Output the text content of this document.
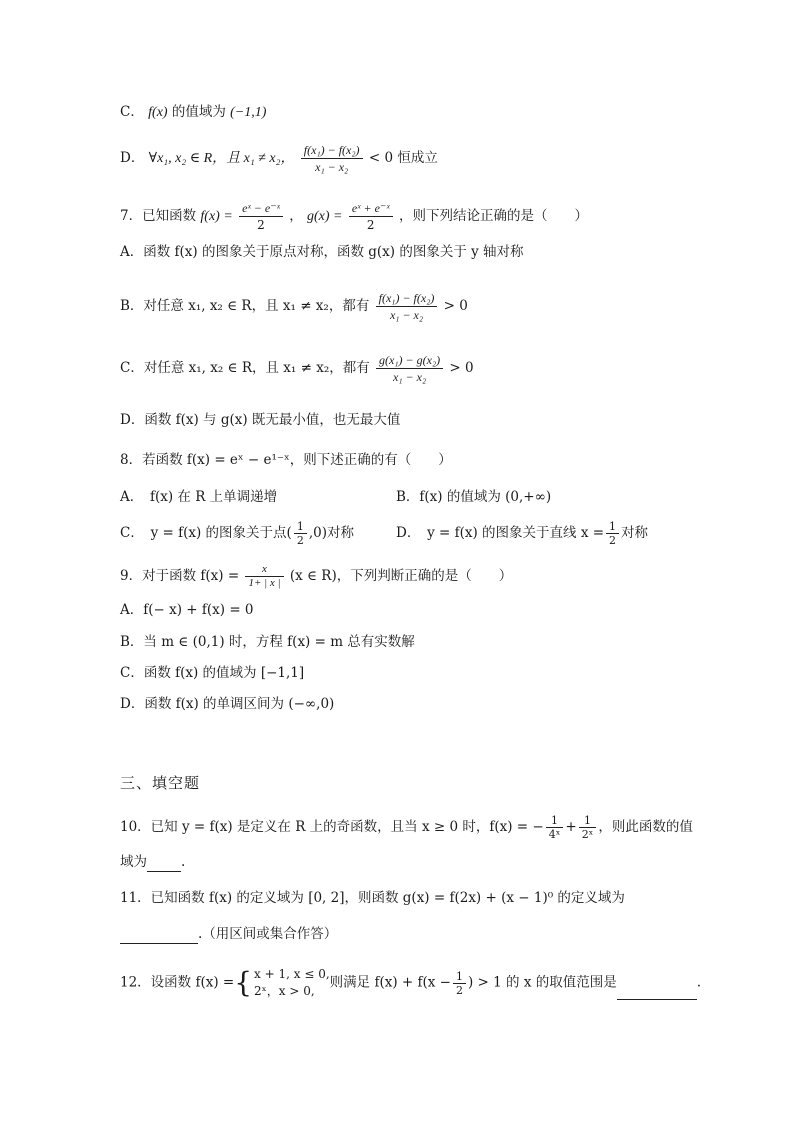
C． f(x) 的值域为 (−1,1)
D． ∀x₁, x₂ ∈ R，且 x₁ ≠ x₂， $\frac{\text{f(x₁) − f(x₂)}}{\text{x₁ − x₂}} < 0$ 恒成立
7．已知函数 $f(x) = \frac{\text{eˣ − e⁻ˣ}}{2}$ ， $g(x) = \frac{\text{eˣ + e⁻ˣ}}{2}$ ，则下列结论正确的是（　　）
A．函数 f(x) 的图象关于原点对称，函数 g(x) 的图象关于 y 轴对称
B．对任意 x₁, x₂ ∈ R，且 x₁ ≠ x₂，都有 $\frac{\text{f(x₁) − f(x₂)}}{\text{x₁ − x₂}} > 0$
C．对任意 x₁, x₂ ∈ R，且 x₁ ≠ x₂，都有 $\frac{\text{g(x₁) − g(x₂)}}{\text{x₁ − x₂}} > 0$
D．函数 f(x) 与 g(x) 既无最小值，也无最大值
8．若函数 f(x) = eˣ − e¹⁻ˣ，则下述正确的有（　　）
A．　f(x) 在 R 上单调递增	B．f(x) 的值域为 (0,+∞)
C．　y = f(x) 的图象关于点( $\frac{1}{2} ,0$)对称	D．　y = f(x) 的图象关于直线 $x = \frac{1}{2}$ 对称
9．对于函数 $f(x) = \frac{x}{1+ | x |} (x$ ∈ R)，下列判断正确的是（　　）
A．f(− x) + f(x) = 0
B．当 m ∈ (0,1) 时，方程 f(x) = m 总有实数解
C．函数 f(x) 的值域为 [−1,1]
D．函数 f(x) 的单调区间为 (−∞,0)
三、填空题
10．已知 y = f(x) 是定义在 R 上的奇函数，且当 x ≥ 0 时，f(x) = − $\frac{1}{\text{4ˣ}} + \frac{1}{\text{2ˣ}}$ ，则此函数的值
域为	.
11．已知函数 f(x) 的定义域为 [0, 2]，则函数 g(x) = f(2x) + (x − 1)⁰ 的定义域为
.（用区间或集合作答）
12．设函数 f(x) ={ x + 1, x ≤ 0,
2ˣ，x > 0,
则满足 $f(x) + f(x - \frac{1}{2}$ ) > 1 的 x 的取值范围是	.
